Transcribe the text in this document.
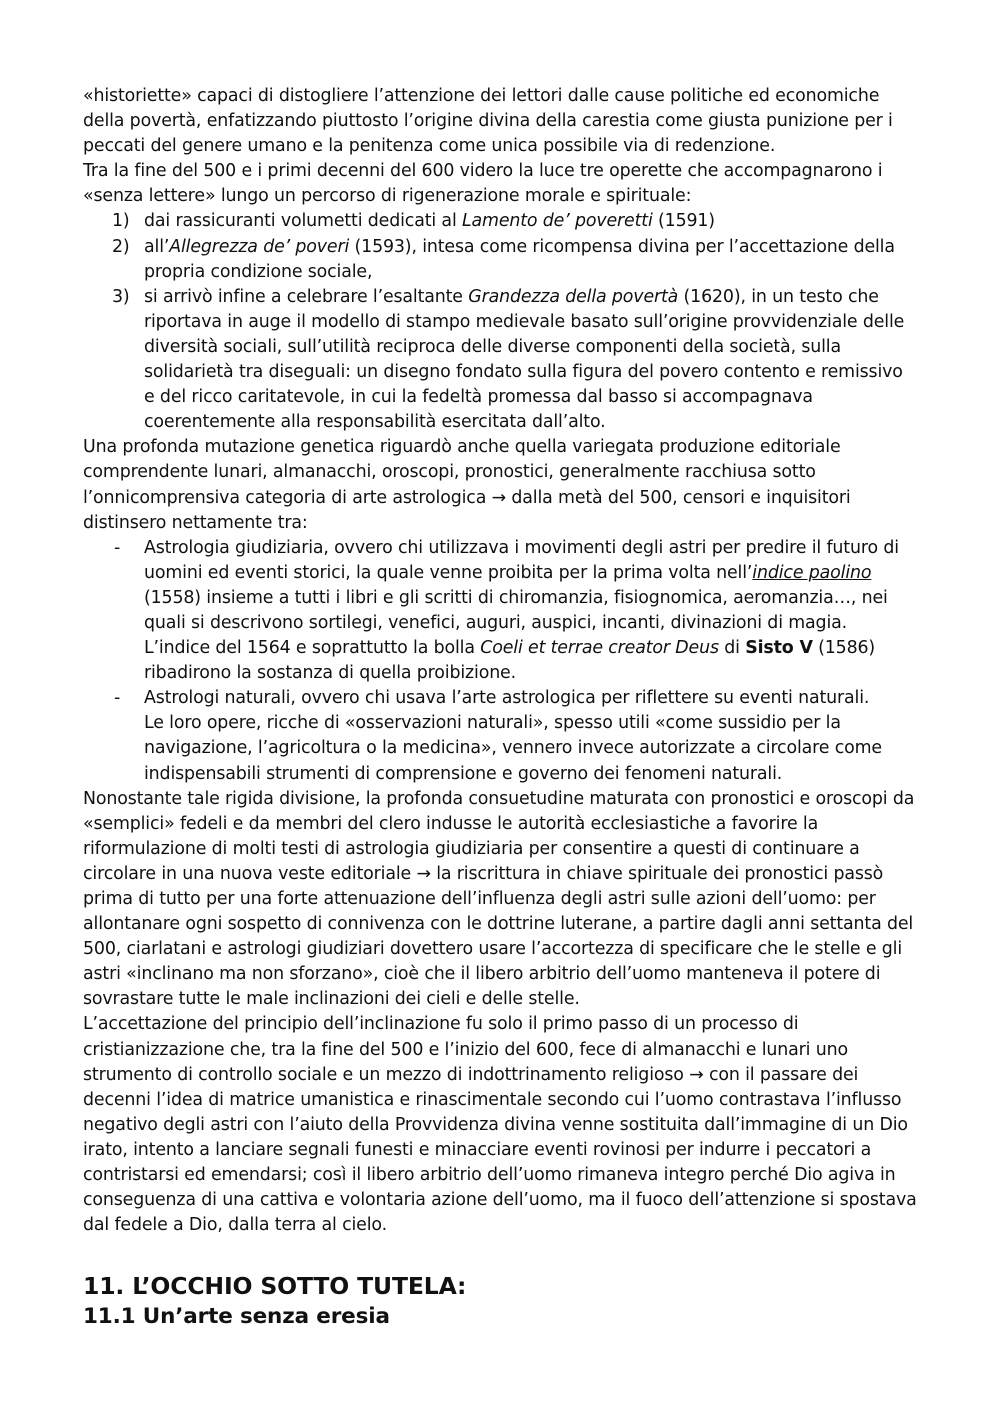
«historiette» capaci di distogliere l’attenzione dei lettori dalle cause politiche ed economiche della povertà, enfatizzando piuttosto l’origine divina della carestia come giusta punizione per i peccati del genere umano e la penitenza come unica possibile via di redenzione.

Tra la fine del 500 e i primi decenni del 600 videro la luce tre operette che accompagnarono i «senza lettere» lungo un percorso di rigenerazione morale e spirituale:

1) dai rassicuranti volumetti dedicati al Lamento de’ poveretti (1591)
2) all’Allegrezza de’ poveri (1593), intesa come ricompensa divina per l’accettazione della propria condizione sociale,
3) si arrivò infine a celebrare l’esaltante Grandezza della povertà (1620), in un testo che riportava in auge il modello di stampo medievale basato sull’origine provvidenziale delle diversità sociali, sull’utilità reciproca delle diverse componenti della società, sulla solidarietà tra diseguali: un disegno fondato sulla figura del povero contento e remissivo e del ricco caritatevole, in cui la fedeltà promessa dal basso si accompagnava coerentemente alla responsabilità esercitata dall’alto.

Una profonda mutazione genetica riguardò anche quella variegata produzione editoriale comprendente lunari, almanacchi, oroscopi, pronostici, generalmente racchiusa sotto l’onnicomprensiva categoria di arte astrologica → dalla metà del 500, censori e inquisitori distinsero nettamente tra:

- Astrologia giudiziaria, ovvero chi utilizzava i movimenti degli astri per predire il futuro di uomini ed eventi storici, la quale venne proibita per la prima volta nell’indice paolino (1558) insieme a tutti i libri e gli scritti di chiromanzia, fisiognomica, aeromanzia…, nei quali si descrivono sortilegi, venefici, auguri, auspici, incanti, divinazioni di magia. L’indice del 1564 e soprattutto la bolla Coeli et terrae creator Deus di Sisto V (1586) ribadirono la sostanza di quella proibizione.
- Astrologi naturali, ovvero chi usava l’arte astrologica per riflettere su eventi naturali.
Le loro opere, ricche di «osservazioni naturali», spesso utili «come sussidio per la navigazione, l’agricoltura o la medicina», vennero invece autorizzate a circolare come indispensabili strumenti di comprensione e governo dei fenomeni naturali.

Nonostante tale rigida divisione, la profonda consuetudine maturata con pronostici e oroscopi da «semplici» fedeli e da membri del clero indusse le autorità ecclesiastiche a favorire la riformulazione di molti testi di astrologia giudiziaria per consentire a questi di continuare a circolare in una nuova veste editoriale → la riscrittura in chiave spirituale dei pronostici passò prima di tutto per una forte attenuazione dell’influenza degli astri sulle azioni dell’uomo: per allontanare ogni sospetto di connivenza con le dottrine luterane, a partire dagli anni settanta del 500, ciarlatani e astrologi giudiziari dovettero usare l’accortezza di specificare che le stelle e gli astri «inclinano ma non sforzano», cioè che il libero arbitrio dell’uomo manteneva il potere di sovrastare tutte le male inclinazioni dei cieli e delle stelle.

L’accettazione del principio dell’inclinazione fu solo il primo passo di un processo di cristianizzazione che, tra la fine del 500 e l’inizio del 600, fece di almanacchi e lunari uno strumento di controllo sociale e un mezzo di indottrinamento religioso → con il passare dei decenni l’idea di matrice umanistica e rinascimentale secondo cui l’uomo contrastava l’influsso negativo degli astri con l’aiuto della Provvidenza divina venne sostituita dall’immagine di un Dio irato, intento a lanciare segnali funesti e minacciare eventi rovinosi per indurre i peccatori a contristarsi ed emendarsi; così il libero arbitrio dell’uomo rimaneva integro perché Dio agiva in conseguenza di una cattiva e volontaria azione dell’uomo, ma il fuoco dell’attenzione si spostava dal fedele a Dio, dalla terra al cielo.

11. L’OCCHIO SOTTO TUTELA:
11.1 Un’arte senza eresia
